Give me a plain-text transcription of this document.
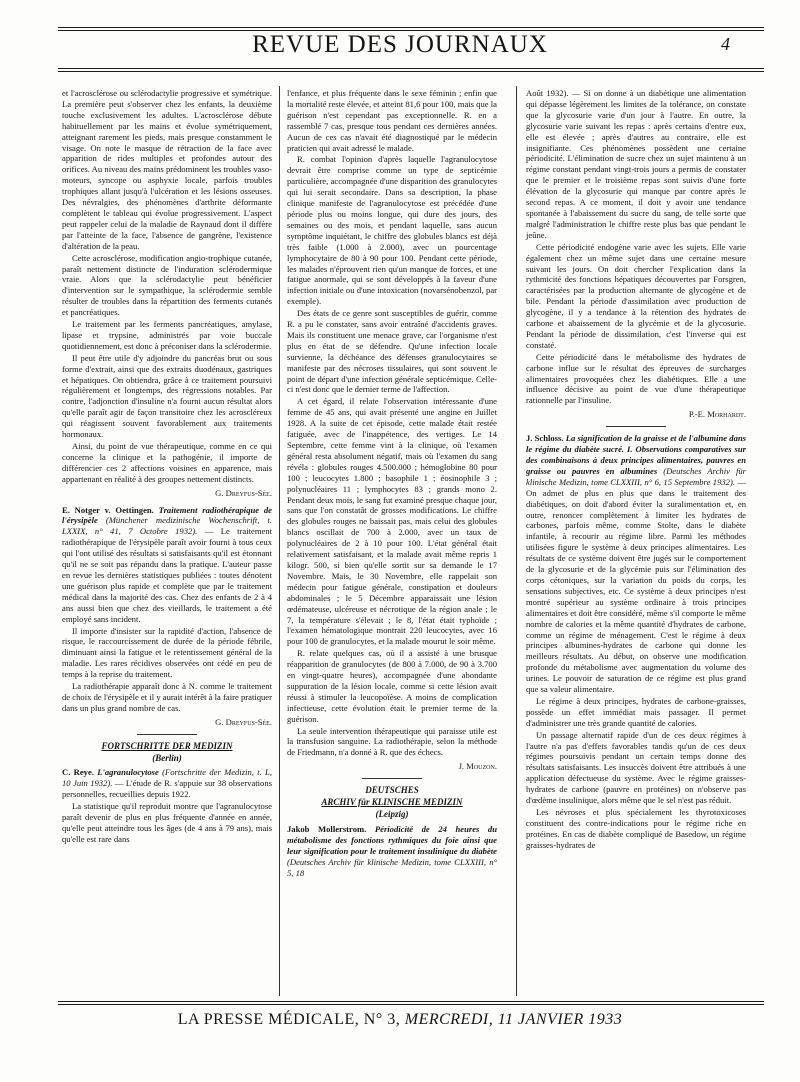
REVUE DES JOURNAUX	4

et l'acrosclérose ou sclérodactylie progressive et symétrique. La première peut s'observer chez les enfants, la deuxième touche exclusivement les adultes. L'acrosclérose débute habituellement par les mains et évolue symétriquement, atteignant rarement les pieds, mais presque constamment le visage. On note le masque de rétraction de la face avec apparition de rides multiples et profondes autour des orifices. Au niveau des mains prédominent les troubles vaso-moteurs, syncope ou asphyxie locale, parfois troubles trophiques allant jusqu'à l'ulcération et les lésions osseuses. Des névralgies, des phénomènes d'arthrite déformante complètent le tableau qui évolue progressivement. L'aspect peut rappeler celui de la maladie de Raynaud dont il diffère par l'atteinte de la face, l'absence de gangrène, l'existence d'altération de la peau.

Cette acrosclérose, modification angio-trophique cutanée, paraît nettement distincte de l'induration sclérodermique vraie. Alors que la sclérodactylie peut bénéficier d'intervention sur le sympathique, la sclérodermie semble résulter de troubles dans la répartition des ferments cutanés et pancréatiques.

Le traitement par les ferments pancréatiques, amylase, lipase et trypsine, administrés par voie buccale quotidiennement, est donc à préconiser dans la sclérodermie.

Il peut être utile d'y adjoindre du pancréas brut ou sous forme d'extrait, ainsi que des extraits duodénaux, gastriques et hépatiques. On obtiendra, grâce à ce traitement poursuivi régulièrement et longtemps, des régressions notables. Par contre, l'adjonction d'insuline n'a fourni aucun résultat alors qu'elle paraît agir de façon transitoire chez les acroscléreux qui réagissent souvent favorablement aux traitements hormonaux.

Ainsi, du point de vue thérapeutique, comme en ce qui concerne la clinique et la pathogénie, il importe de différencier ces 2 affections voisines en apparence, mais appartenant en réalité à des groupes nettement distincts.

G. Dreyfus-Sée.

E. Notger v. Oettingen. Traitement radiothérapique de l'érysipèle (Münchener medizinische Wochenschrift, t. LXXIX, n° 41, 7 Octobre 1932). — Le traitement radiothérapique de l'érysipèle paraît avoir fourni à tous ceux qui l'ont utilisé des résultats si satisfaisants qu'il est étonnant qu'il ne se soit pas répandu dans la pratique. L'auteur passe en revue les dernières statistiques publiées : toutes dénotent une guérison plus rapide et complète que par le traitement médical dans la majorité des cas. Chez des enfants de 2 à 4 ans aussi bien que chez des vieillards, le traitement a été employé sans incident.

Il importe d'insister sur la rapidité d'action, l'absence de risque, le raccourcissement de durée de la période fébrile, diminuant ainsi la fatigue et le retentissement général de la maladie. Les rares récidives observées ont cédé en peu de temps à la reprise du traitement.

La radiothérapie apparaît donc à N. comme le traitement de choix de l'érysipèle et il y aurait intérêt à la faire pratiquer dans un plus grand nombre de cas.

G. Dreyfus-Sée.
FORTSCHRITTE DER MEDIZIN
(Berlin)

C. Reye. L'agranulocytose (Fortschritte der Medizin, t. L, 10 Juin 1932). — L'étude de R. s'appuie sur 38 observations personnelles, recueillies depuis 1922.

La statistique qu'il reproduit montre que l'agranulocytose paraît devenir de plus en plus fréquente d'année en année, qu'elle peut atteindre tous les âges (de 4 ans à 79 ans), mais qu'elle est rare dans

l'enfance, et plus fréquente dans le sexe féminin ; enfin que la mortalité reste élevée, et atteint 81,6 pour 100, mais que la guérison n'est cependant pas exceptionnelle. R. en a rassemblé 7 cas, presque tous pendant ces dernières années. Aucun de ces cas n'avait été diagnostiqué par le médecin praticien qui avait adressé le malade.

R. combat l'opinion d'après laquelle l'agranulocytose devrait être comprise comme un type de septicémie particulière, accompagnée d'une disparition des granulocytes qui lui serait secondaire. Dans sa description, la phase clinique manifeste de l'agranulocytose est précédée d'une période plus ou moins longue, qui dure des jours, des semaines ou des mois, et pendant laquelle, sans aucun symptôme inquiétant, le chiffre des globules blancs est déjà très faible (1.000 à 2.000), avec un pourcentage lymphocytaire de 80 à 90 pour 100. Pendant cette période, les malades n'éprouvent rien qu'un manque de forces, et une fatigue anormale, qui se sont développés à la faveur d'une infection initiale ou d'une intoxication (novarsénobenzol, par exemple).

Des états de ce genre sont susceptibles de guérir, comme R. a pu le constater, sans avoir entraîné d'accidents graves. Mais ils constituent une menace grave, car l'organisme n'est plus en état de se défendre. Qu'une infection locale survienne, la déchéance des défenses granulocytaires se manifeste par des nécroses tissulaires, qui sont souvent le point de départ d'une infection générale septicémique. Celle-ci n'est donc que le dernier terme de l'affection.

A cet égard, il relate l'observation intéressante d'une femme de 45 ans, qui avait présenté une angine en Juillet 1928. A la suite de cet épisode, cette malade était restée fatiguée, avec de l'inappétence, des vertiges. Le 14 Septembre, cette femme vint à la clinique, où l'examen général resta absolument négatif, mais où l'examen du sang révéla : globules rouges 4.500.000 ; hémoglobine 80 pour 100 ; leucocytes 1.800 ; basophile 1 ; éosinophile 3 ; polynucléaires 11 ; lymphocytes 83 ; grands mono 2. Pendant deux mois, le sang fut examiné presque chaque jour, sans que l'on constatât de grosses modifications. Le chiffre des globules rouges ne baissait pas, mais celui des globules blancs oscillait de 700 à 2.000, avec un taux de polynucléaires de 2 à 10 pour 100. L'état général était relativement satisfaisant, et la malade avait même repris 1 kilogr. 500, si bien qu'elle sortit sur sa demande le 17 Novembre. Mais, le 30 Novembre, elle rappelait son médecin pour fatigue générale, constipation et douleurs abdominales ; le 5 Décembre apparaissait une lésion œdémateuse, ulcéreuse et nécrotique de la région anale ; le 7, la température s'élevait ; le 8, l'état était typhoïde ; l'examen hématologique montrait 220 leucocytes, avec 16 pour 100 de granulocytes, et la malade mourut le soir même.

R. relate quelques cas, où il a assisté à une brusque réapparition de granulocytes (de 800 à 7.000, de 90 à 3.700 en vingt-quatre heures), accompagnée d'une abondante suppuration de la lésion locale, comme si cette lésion avait réussi à stimuler la leucopoïèse. A moins de complication infectieuse, cette évolution était le premier terme de la guérison.

La seule intervention thérapeutique qui paraisse utile est la transfusion sanguine. La radiothérapie, selon la méthode de Friedmann, n'a donné à R. que des échecs.

J. Mouzon.
DEUTSCHES
ARCHIV für KLINISCHE MEDIZIN
(Leipzig)

Jakob Mollerstrom. Périodicité de 24 heures du métabolisme des fonctions rythmiques du foie ainsi que leur signification pour le traitement insulinique du diabète (Deutsches Archiv für klinische Medizin, tome CLXXIII, n° 5, 18

Août 1932). — Si on donne à un diabétique une alimentation qui dépasse légèrement les limites de la tolérance, on constate que la glycosurie varie d'un jour à l'autre. En outre, la glycosurie varie suivant les repas : après certains d'entre eux, elle est élevée ; après d'autres au contraire, elle est insignifiante. Ces phénomènes possèdent une certaine périodicité. L'élimination de sucre chez un sujet maintenu à un régime constant pendant vingt-trois jours a permis de constater que le premier et le troisième repas sont suivis d'une forte élévation de la glycosurie qui manque par contre après le second repas. A ce moment, il doit y avoir une tendance spontanée à l'abaissement du sucre du sang, de telle sorte que malgré l'administration le chiffre reste plus bas que pendant le jeûne.

Cette périodicité endogène varie avec les sujets. Elle varie également chez un même sujet dans une certaine mesure suivant les jours. On doit chercher l'explication dans la rythmicité des fonctions hépatiques découvertes par Forsgren, caractérisées par la production alternante de glycogène et de bile. Pendant la période d'assimilation avec production de glycogène, il y a tendance à la rétention des hydrates de carbone et abaissement de la glycémie et de la glycosurie. Pendant la période de dissimilation, c'est l'inverse qui est constaté.

Cette périodicité dans le métabolisme des hydrates de carbone influe sur le résultat des épreuves de surcharges alimentaires provoquées chez les diabétiques. Elle a une influence décisive au point de vue d'une thérapeutique rationnelle par l'insuline.

P.-E. Morhardt.

J. Schloss. La signification de la graisse et de l'albumine dans le régime du diabète sucré. I. Observations comparatives sur des combinaisons à deux principes alimentaires, pauvres en graisse ou pauvres en albumines (Deutsches Archiv für klinische Medizin, tome CLXXIII, n° 6, 15 Septembre 1932). — On admet de plus en plus que dans le traitement des diabétiques, on doit d'abord éviter la suralimentation et, en outre, renoncer complètement à limiter les hydrates de carbones, parfois même, comme Stolte, dans le diabète infantile, à recourir au régime libre. Parmi les méthodes utilisées figure le système à deux principes alimentaires. Les résultats de ce système doivent être jugés sur le comportement de la glycosurie et de la glycémie puis sur l'élimination des corps cétoniques, sur la variation du poids du corps, les sensations subjectives, etc. Ce système à deux principes n'est montré supérieur au système ordinaire à trois principes alimentaires et doit être considéré, même s'il comporte le même nombre de calories et la même quantité d'hydrates de carbone, comme un régime de ménagement. C'est le régime à deux principes albumines-hydrates de carbone qui donne les meilleurs résultats. Au début, on observe une modification profonde du métabolisme avec augmentation du volume des urines. Le pouvoir de saturation de ce régime est plus grand que sa valeur alimentaire.

Le régime à deux principes, hydrates de carbone-graisses, possède un effet immédiat mais passager. Il permet d'administrer une très grande quantité de calories.

Un passage alternatif rapide d'un de ces deux régimes à l'autre n'a pas d'effets favorables tandis qu'un de ces deux régimes poursuivis pendant un certain temps donne des résultats satisfaisants. Les insuccès doivent être attribués à une application défectueuse du système. Avec le régime graisses-hydrates de carbone (pauvre en protéines) on n'observe pas d'œdème insulinique, alors même que le sel n'est pas réduit.

Les névroses et plus spécialement les thyrotoxicoses constituent des contre-indications pour le régime riche en protéines. En cas de diabète compliqué de Basedow, un régime graisses-hydrates de

LA PRESSE MÉDICALE, N° 3, MERCREDI, 11 JANVIER 1933
